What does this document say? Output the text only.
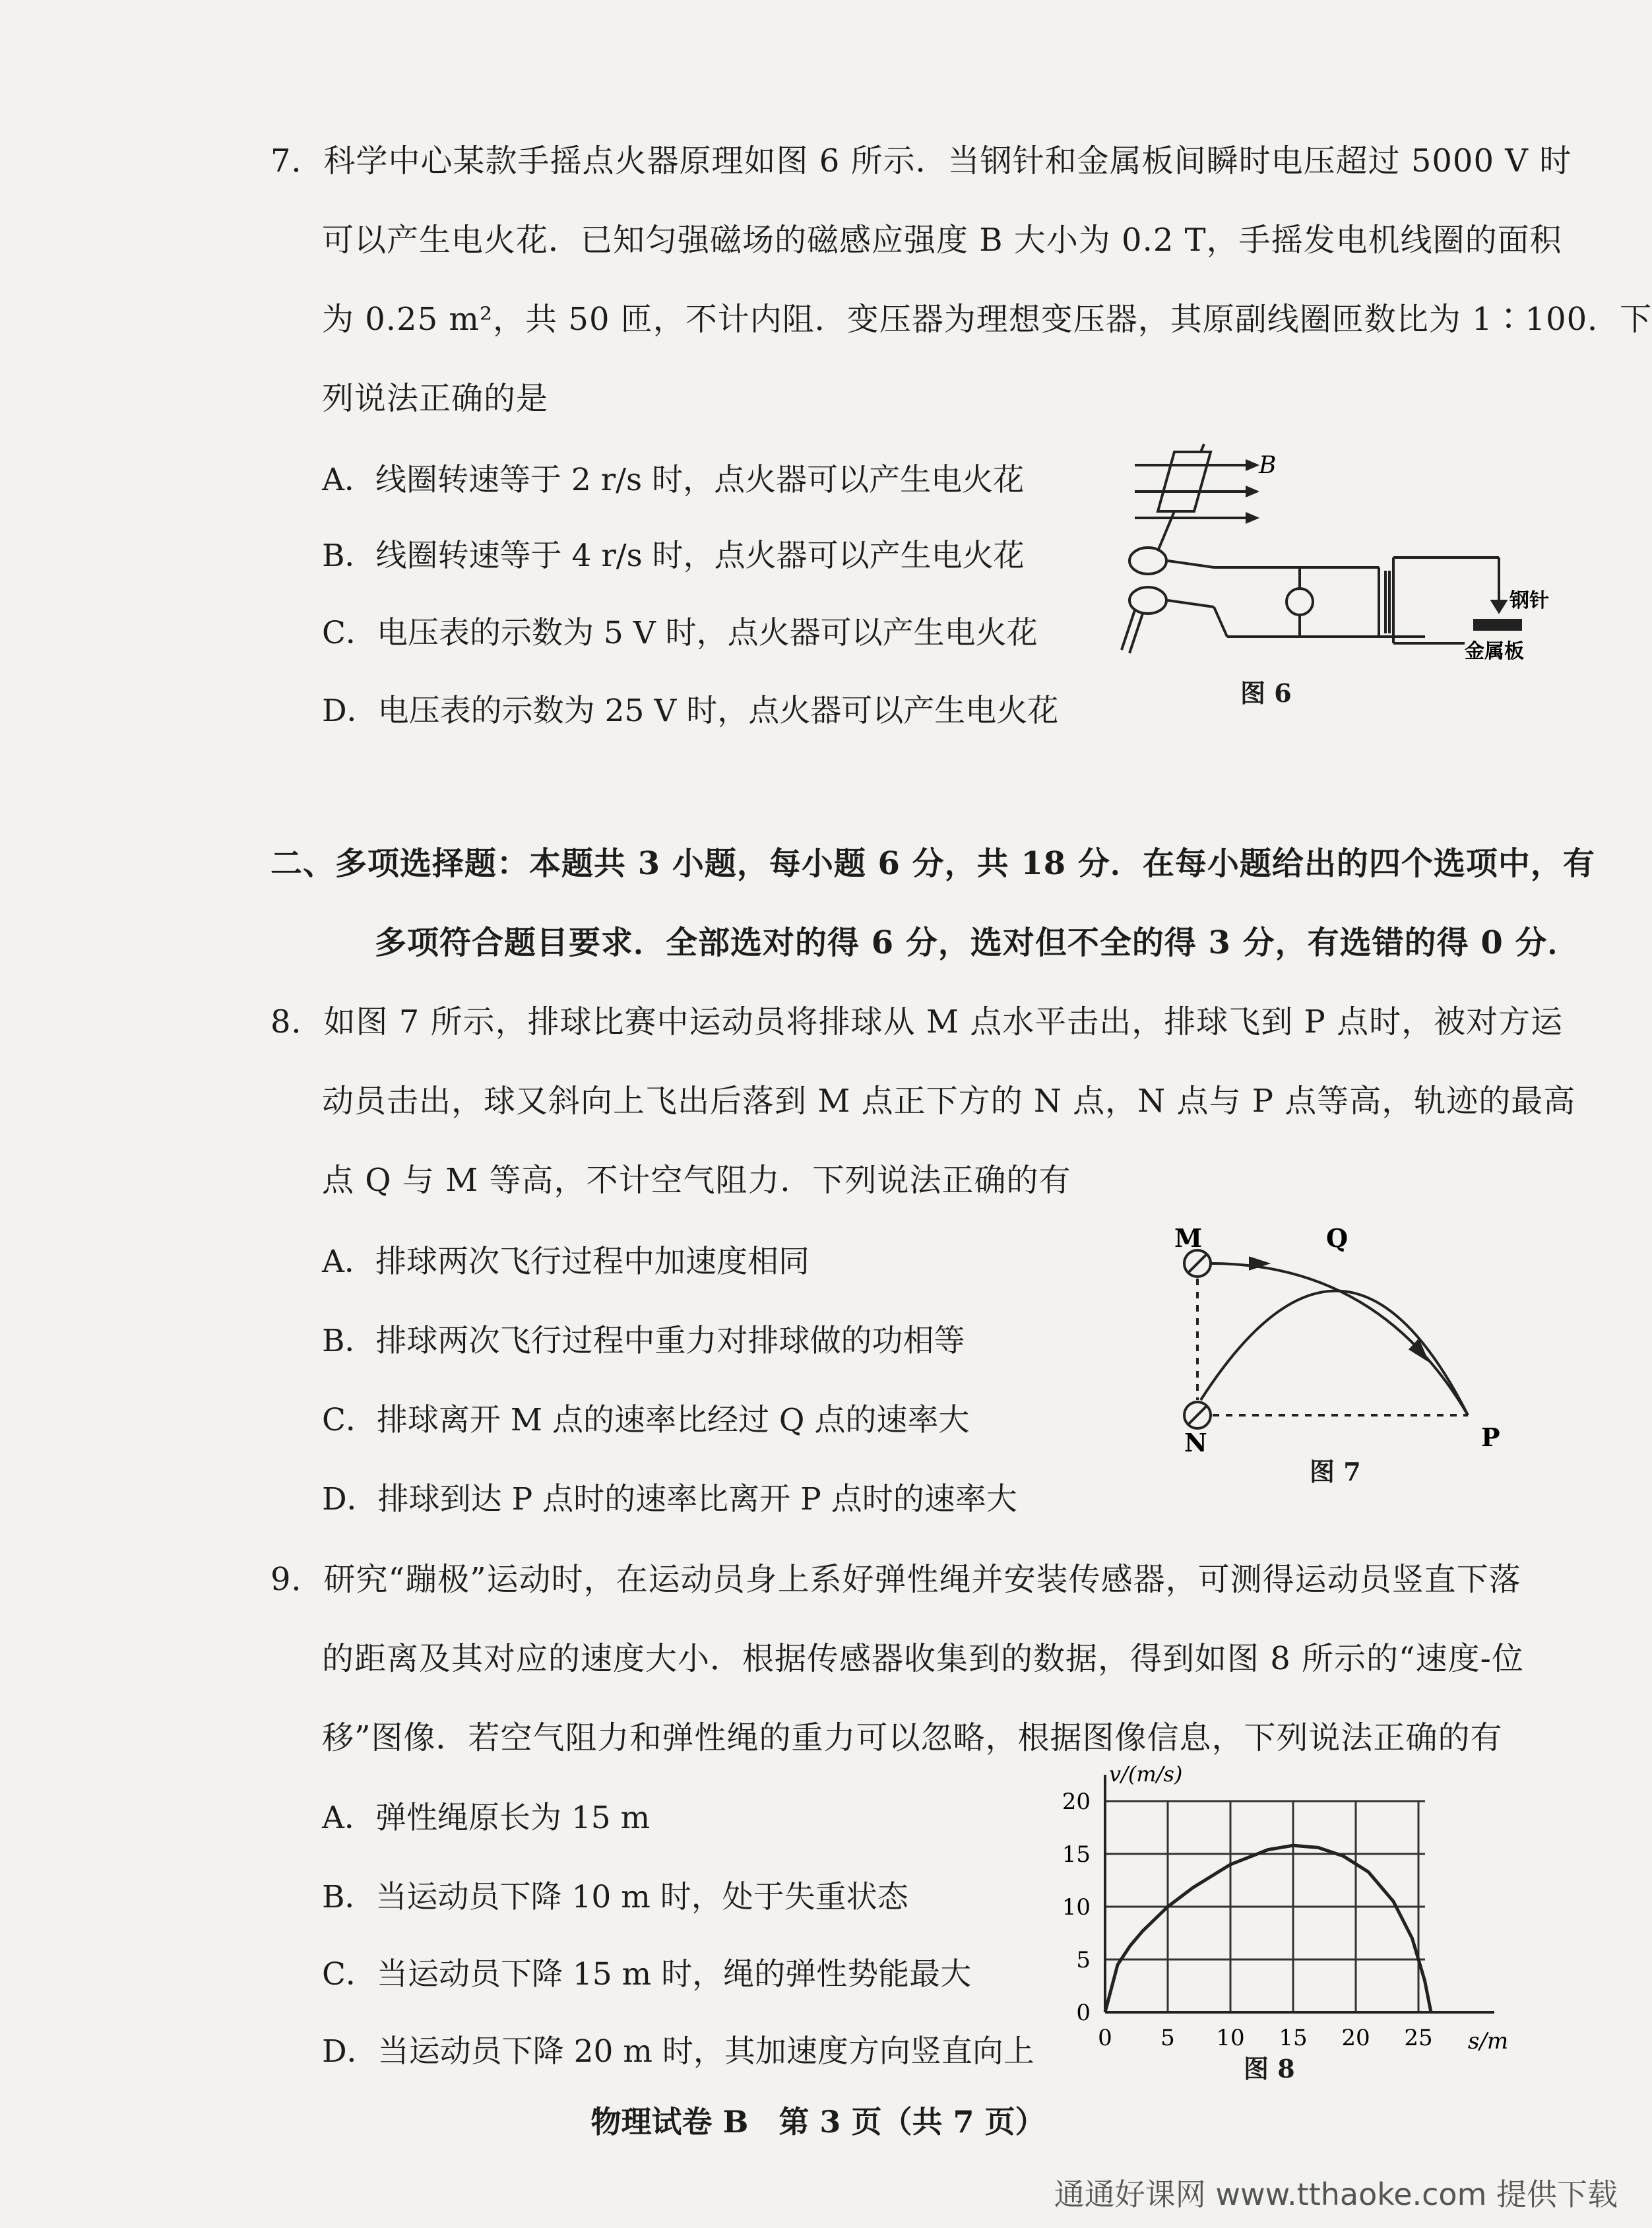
7．科学中心某款手摇点火器原理如图 6 所示．当钢针和金属板间瞬时电压超过 5000 V 时
可以产生电火花．已知匀强磁场的磁感应强度 B 大小为 0.2 T，手摇发电机线圈的面积
为 0.25 m²，共 50 匝，不计内阻．变压器为理想变压器，其原副线圈匝数比为 1∶100．下
列说法正确的是
A．线圈转速等于 2 r/s 时，点火器可以产生电火花
B．线圈转速等于 4 r/s 时，点火器可以产生电火花
C．电压表的示数为 5 V 时，点火器可以产生电火花
D．电压表的示数为 25 V 时，点火器可以产生电火花
B
钢针
金属板
图 6
二、多项选择题：本题共 3 小题，每小题 6 分，共 18 分．在每小题给出的四个选项中，有
多项符合题目要求．全部选对的得 6 分，选对但不全的得 3 分，有选错的得 0 分．
8．如图 7 所示，排球比赛中运动员将排球从 M 点水平击出，排球飞到 P 点时，被对方运
动员击出，球又斜向上飞出后落到 M 点正下方的 N 点，N 点与 P 点等高，轨迹的最高
点 Q 与 M 等高，不计空气阻力．下列说法正确的有
A．排球两次飞行过程中加速度相同
B．排球两次飞行过程中重力对排球做的功相等
C．排球离开 M 点的速率比经过 Q 点的速率大
D．排球到达 P 点时的速率比离开 P 点时的速率大
M	Q
N	P
图 7
9．研究“蹦极”运动时，在运动员身上系好弹性绳并安装传感器，可测得运动员竖直下落
的距离及其对应的速度大小．根据传感器收集到的数据，得到如图 8 所示的“速度-位
移”图像．若空气阻力和弹性绳的重力可以忽略，根据图像信息，下列说法正确的有
A．弹性绳原长为 15 m
B．当运动员下降 10 m 时，处于失重状态
C．当运动员下降 15 m 时，绳的弹性势能最大
D．当运动员下降 20 m 时，其加速度方向竖直向上
0
5
10
15
20
0 5 10 15 20 25
v/(m/s)
s/m
图 8
物理试卷 B　第 3 页（共 7 页）
通通好课网 www.tthaoke.com 提供下载
